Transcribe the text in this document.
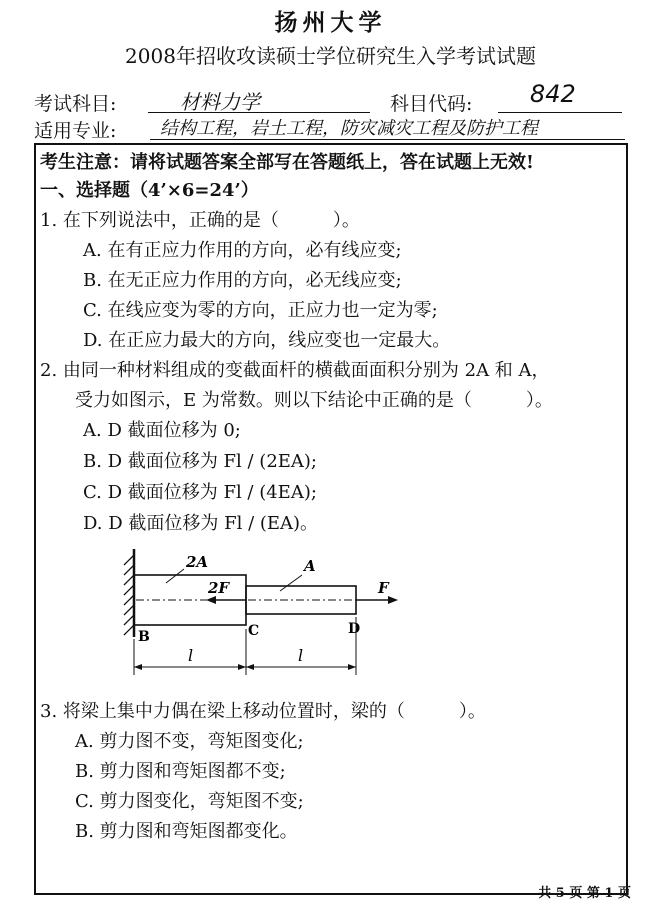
扬州大学
2008年招收攻读硕士学位研究生入学考试试题
考试科目:	材料力学	科目代码: 842
适用专业: 结构工程，岩土工程，防灾减灾工程及防护工程
考生注意：请将试题答案全部写在答题纸上，答在试题上无效!
一、选择题（4’×6=24’）
1. 在下列说法中，正确的是（　　　）。
A. 在有正应力作用的方向，必有线应变;
B. 在无正应力作用的方向，必无线应变;
C. 在线应变为零的方向，正应力也一定为零;
D. 在正应力最大的方向，线应变也一定最大。
2. 由同一种材料组成的变截面杆的横截面面积分别为 2A 和 A，
受力如图示，E 为常数。则以下结论中正确的是（　　　）。
A. D 截面位移为 0;
B. D 截面位移为 Fl / (2EA);
C. D 截面位移为 Fl / (4EA);
D. D 截面位移为 Fl / (EA)。
2A	A
2F	F
B	C	D
l	l
3. 将梁上集中力偶在梁上移动位置时，梁的（　　　）。
A. 剪力图不变，弯矩图变化;
B. 剪力图和弯矩图都不变;
C. 剪力图变化，弯矩图不变;
B. 剪力图和弯矩图都变化。
共 5 页 第 1 页
